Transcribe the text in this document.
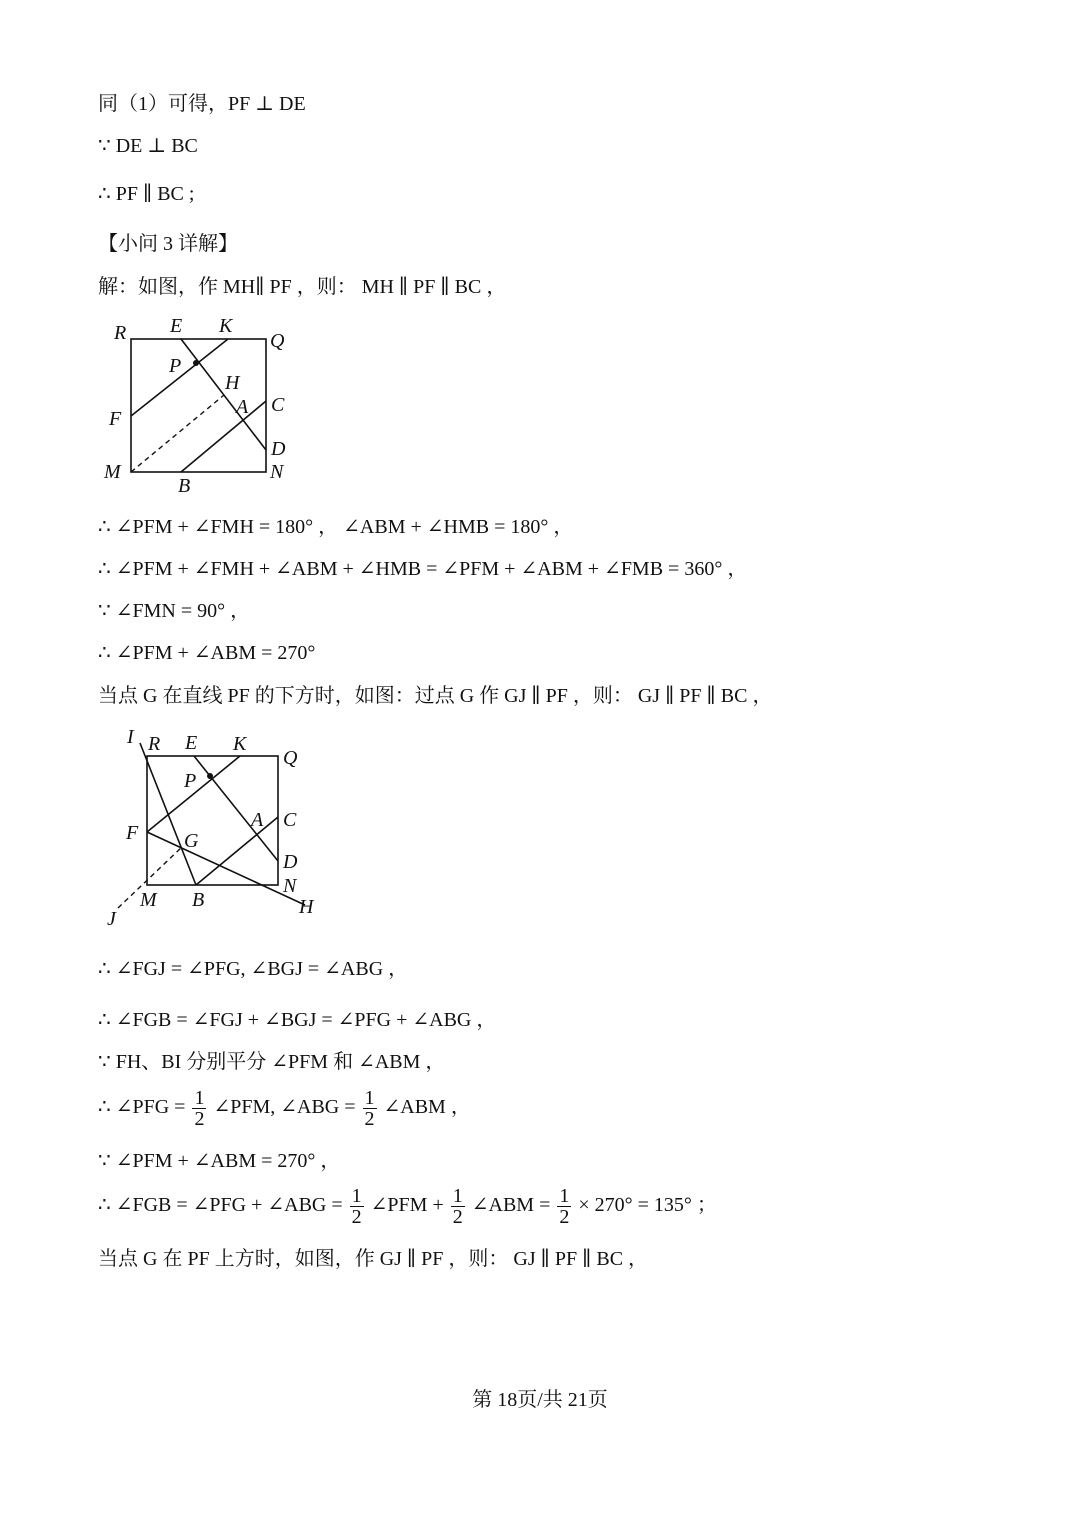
同（1）可得，PF ⊥ DE
∵ DE ⊥ BC
∴ PF ∥ BC ;
【小问 3 详解】
解：如图，作 MH∥ PF ，则： MH ∥ PF ∥ BC ，
R E K
Q
P
H
A C
F
D
M	N
B
∴ ∠PFM + ∠FMH = 180° ， ∠ABM + ∠HMB = 180° ，
∴ ∠PFM + ∠FMH + ∠ABM + ∠HMB = ∠PFM + ∠ABM + ∠FMB = 360° ，
∵ ∠FMN = 90° ，
∴ ∠PFM + ∠ABM = 270°
当点 G 在直线 PF 的下方时，如图：过点 G 作 GJ ∥ PF ，则： GJ ∥ PF ∥ BC ，
I R E K
Q
P
A C
F G
D
N
M B	H
J
∴ ∠FGJ = ∠PFG, ∠BGJ = ∠ABG ，
∴ ∠FGB = ∠FGJ + ∠BGJ = ∠PFG + ∠ABG ，
∵ FH、BI 分别平分 ∠PFM 和 ∠ABM ，
∴ ∠PFG = $\frac{1}{2}$ ∠PFM, ∠ABG = $\frac{1}{2}$ ∠ABM ，
∵ ∠PFM + ∠ABM = 270° ，
∴ ∠FGB = ∠PFG + ∠ABG = $\frac{1}{2}$ ∠PFM + $\frac{1}{2}$ ∠ABM = $\frac{1}{2} \times 270^\circ = 135^\circ$ ；
当点 G 在 PF 上方时，如图，作 GJ ∥ PF ，则： GJ ∥ PF ∥ BC ，
第 18页/共 21页
